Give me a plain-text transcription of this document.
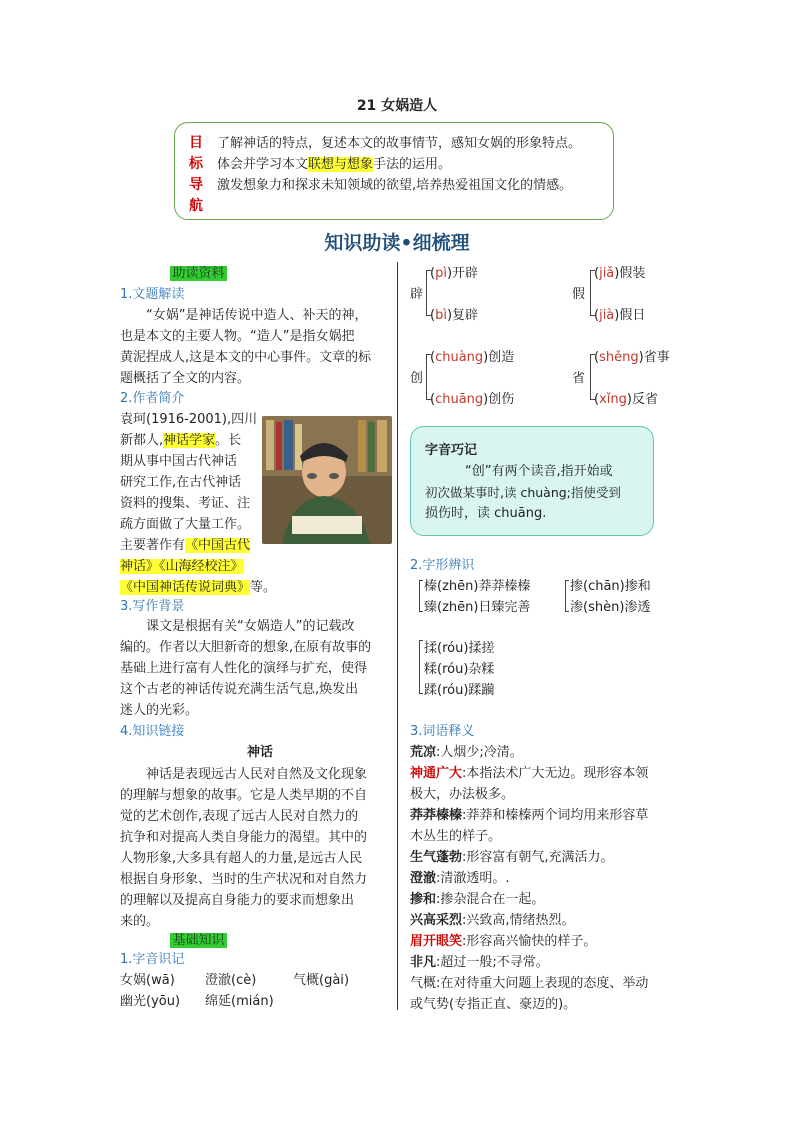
21 女娲造人
目
标
导
航
了解神话的特点，复述本文的故事情节，感知女娲的形象特点。
体会并学习本文联想与想象手法的运用。
激发想象力和探求未知领域的欲望,培养热爱祖国文化的情感。
知识助读•细梳理
助读资料
1.文题解读
“女娲”是神话传说中造人、补天的神，
也是本文的主要人物。“造人”是指女娲把
黄泥捏成人,这是本文的中心事件。文章的标
题概括了全文的内容。
2.作者简介
袁珂(1916-2001),四川
新都人,神话学家。长
期从事中国古代神话
研究工作,在古代神话
资料的搜集、考证、注
疏方面做了大量工作。
主要著作有《中国古代
神话》《山海经校注》
《中国神话传说词典》等。
3.写作背景
课文是根据有关“女娲造人”的记载改
编的。作者以大胆新奇的想象,在原有故事的
基础上进行富有人性化的演绎与扩充，使得
这个古老的神话传说充满生活气息,焕发出
迷人的光彩。
4.知识链接
神话
神话是表现远古人民对自然及文化现象
的理解与想象的故事。它是人类早期的不自
觉的艺术创作,表现了远古人民对自然力的
抗争和对提高人类自身能力的渴望。其中的
人物形象,大多具有超人的力量,是远古人民
根据自身形象、当时的生产状况和对自然力
的理解以及提高自身能力的要求而想象出
来的。
基础知识
1.字音识记
女娲(wā) 澄澈(cè)	气概(gài)
幽光(yōu) 绵延(mián)
辟
(pì)开辟
(bì)复辟
假
(jiǎ)假装
(jià)假日
创
(chuàng)创造
(chuāng)创伤
省
(shěng)省事
(xǐng)反省
字音巧记
“创”有两个读音,指开始或
初次做某事时,读 chuàng;指使受到
损伤时，读 chuāng.
2.字形辨识
榛(zhēn)莽莽榛榛
臻(zhēn)日臻完善
掺(chān)掺和
渗(shèn)渗透
揉(róu)揉搓
糅(róu)杂糅
蹂(róu)蹂躏
3.词语释义
荒凉:人烟少;冷清。
神通广大:本指法术广大无边。现形容本领
极大，办法极多。
莽莽榛榛:莽莽和榛榛两个词均用来形容草
木丛生的样子。
生气蓬勃:形容富有朝气,充满活力。
澄澈:清澈透明。.
掺和:掺杂混合在一起。
兴高采烈:兴致高,情绪热烈。
眉开眼笑:形容高兴愉快的样子。
非凡:超过一般;不寻常。
气概:在对待重大问题上表现的态度、举动
或气势(专指正直、豪迈的)。
